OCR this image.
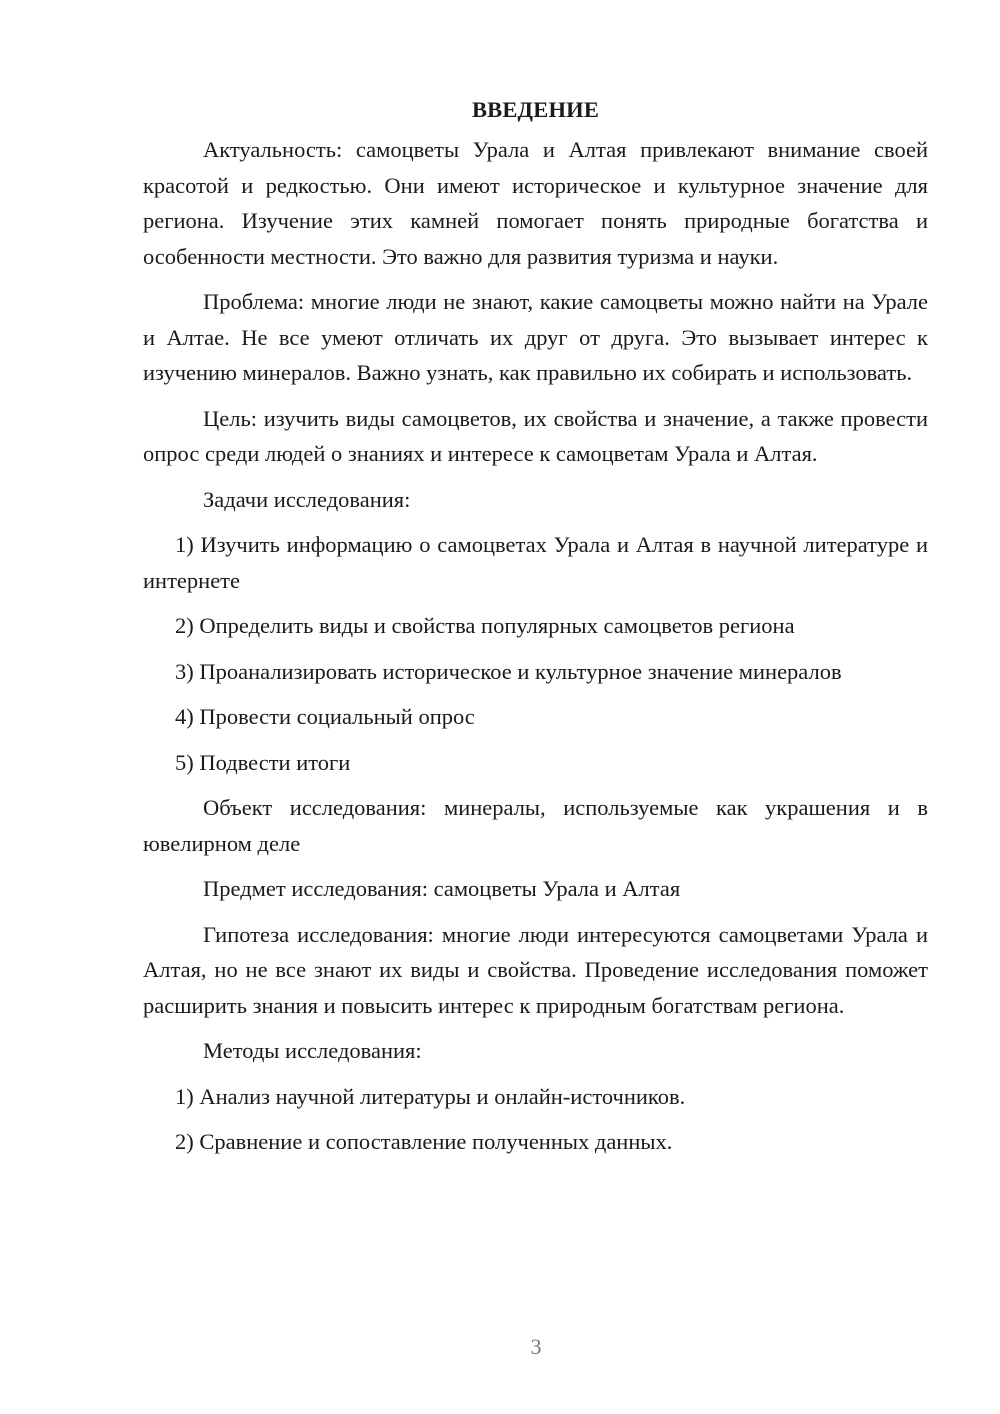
ВВЕДЕНИЕ

Актуальность: самоцветы Урала и Алтая привлекают внимание своей красотой и редкостью. Они имеют историческое и культурное значение для региона. Изучение этих камней помогает понять природные богатства и особенности местности. Это важно для развития туризма и науки.

Проблема: многие люди не знают, какие самоцветы можно найти на Урале и Алтае. Не все умеют отличать их друг от друга. Это вызывает интерес к изучению минералов. Важно узнать, как правильно их собирать и использовать.

Цель: изучить виды самоцветов, их свойства и значение, а также провести опрос среди людей о знаниях и интересе к самоцветам Урала и Алтая.

Задачи исследования:

1) Изучить информацию о самоцветах Урала и Алтая в научной литературе и интернете

2) Определить виды и свойства популярных самоцветов региона

3) Проанализировать историческое и культурное значение минералов

4) Провести социальный опрос

5) Подвести итоги

Объект исследования: минералы, используемые как украшения и в ювелирном деле

Предмет исследования: самоцветы Урала и Алтая

Гипотеза исследования: многие люди интересуются самоцветами Урала и Алтая, но не все знают их виды и свойства. Проведение исследования поможет расширить знания и повысить интерес к природным богатствам региона.

Методы исследования:

1) Анализ научной литературы и онлайн-источников.

2) Сравнение и сопоставление полученных данных.

3
